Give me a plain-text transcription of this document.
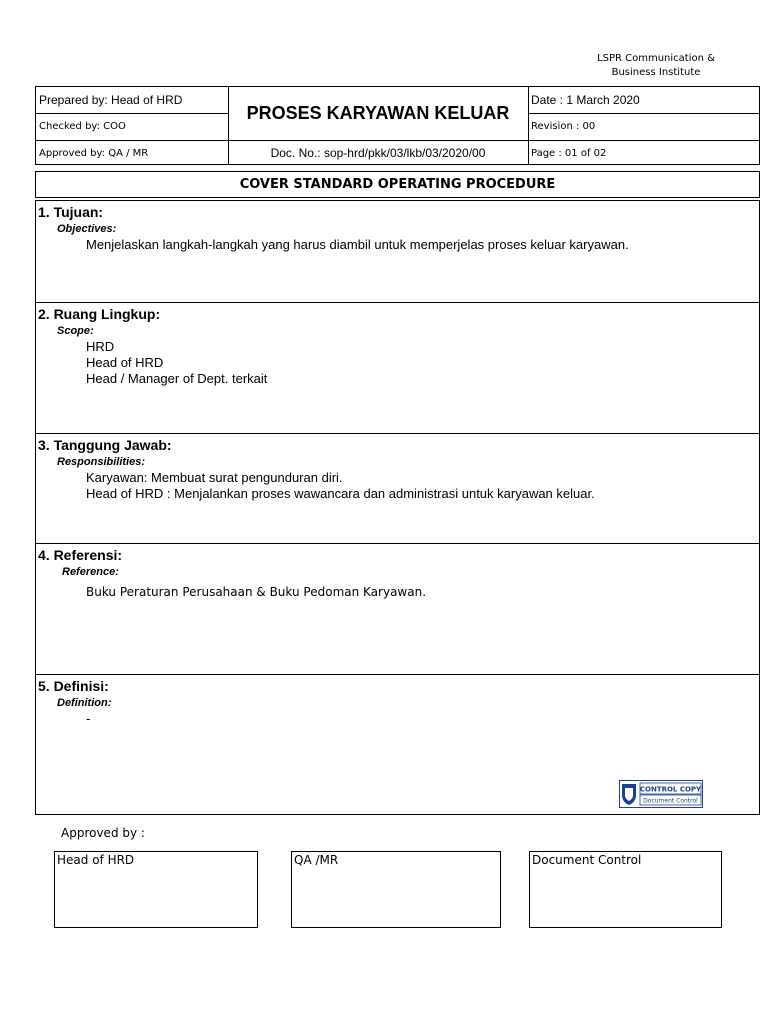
LSPR Communication &
Business Institute
Prepared by: Head of HRD
Checked by: COO
Approved by: QA / MR
PROSES KARYAWAN KELUAR
Doc. No.: sop-hrd/pkk/03/lkb/03/2020/00
Date : 1 March 2020
Revision : 00
Page : 01 of 02
COVER STANDARD OPERATING PROCEDURE
1. Tujuan:
Objectives:
Menjelaskan langkah-langkah yang harus diambil untuk memperjelas proses keluar karyawan.
2. Ruang Lingkup:
Scope:
HRD
Head of HRD
Head / Manager of Dept. terkait
3. Tanggung Jawab:
Responsibilities:
Karyawan: Membuat surat pengunduran diri.
Head of HRD : Menjalankan proses wawancara dan administrasi untuk karyawan keluar.
4. Referensi:
Reference:
Buku Peraturan Perusahaan & Buku Pedoman Karyawan.
5. Definisi:
Definition:
-
CONTROL COPY
Document Control
Approved by :
Head of HRD	QA /MR	Document Control
